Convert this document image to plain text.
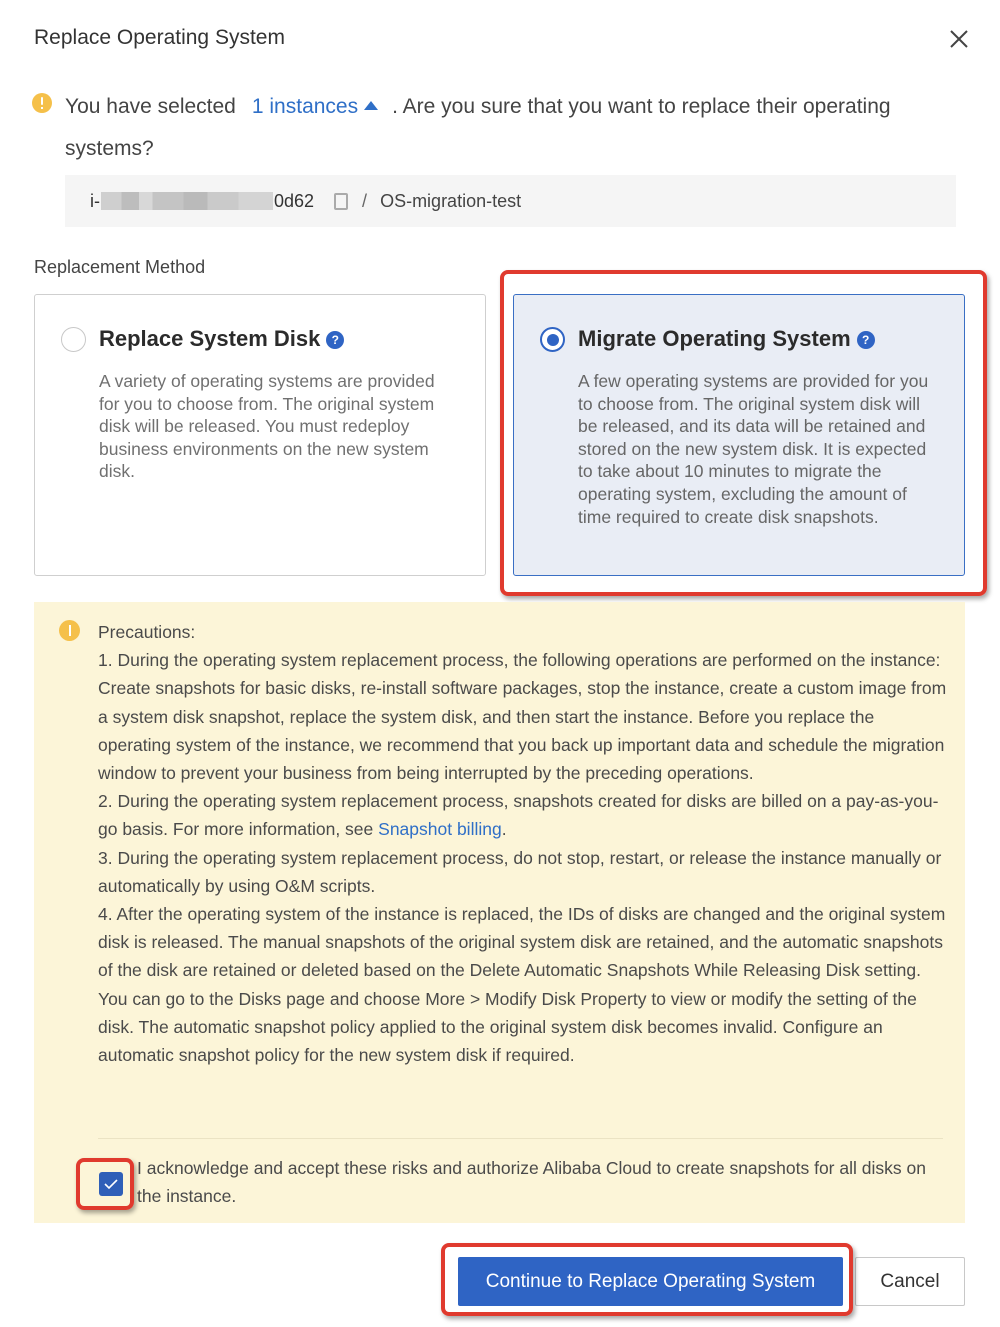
Replace Operating System
You have selected 1 instances . Are you sure that you want to replace their operating systems?
i-	0d62	/ OS-migration-test
Replacement Method
Replace System Disk ?
A variety of operating systems are provided for you to choose from. The original system disk will be released. You must redeploy business environments on the new system disk.
Migrate Operating System ?
A few operating systems are provided for you to choose from. The original system disk will be released, and its data will be retained and stored on the new system disk. It is expected to take about 10 minutes to migrate the operating system, excluding the amount of time required to create disk snapshots.

Precautions:

1. During the operating system replacement process, the following operations are performed on the instance: Create snapshots for basic disks, re-install software packages, stop the instance, create a custom image from a system disk snapshot, replace the system disk, and then start the instance. Before you replace the operating system of the instance, we recommend that you back up important data and schedule the migration window to prevent your business from being interrupted by the preceding operations.

2. During the operating system replacement process, snapshots created for disks are billed on a pay-as-you-go basis. For more information, see Snapshot billing.

3. During the operating system replacement process, do not stop, restart, or release the instance manually or automatically by using O&M scripts.

4. After the operating system of the instance is replaced, the IDs of disks are changed and the original system disk is released. The manual snapshots of the original system disk are retained, and the automatic snapshots of the disk are retained or deleted based on the Delete Automatic Snapshots While Releasing Disk setting. You can go to the Disks page and choose More > Modify Disk Property to view or modify the setting of the disk. The automatic snapshot policy applied to the original system disk becomes invalid. Configure an automatic snapshot policy for the new system disk if required.

I acknowledge and accept these risks and authorize Alibaba Cloud to create snapshots for all disks on the instance.
Continue to Replace Operating System	Cancel
